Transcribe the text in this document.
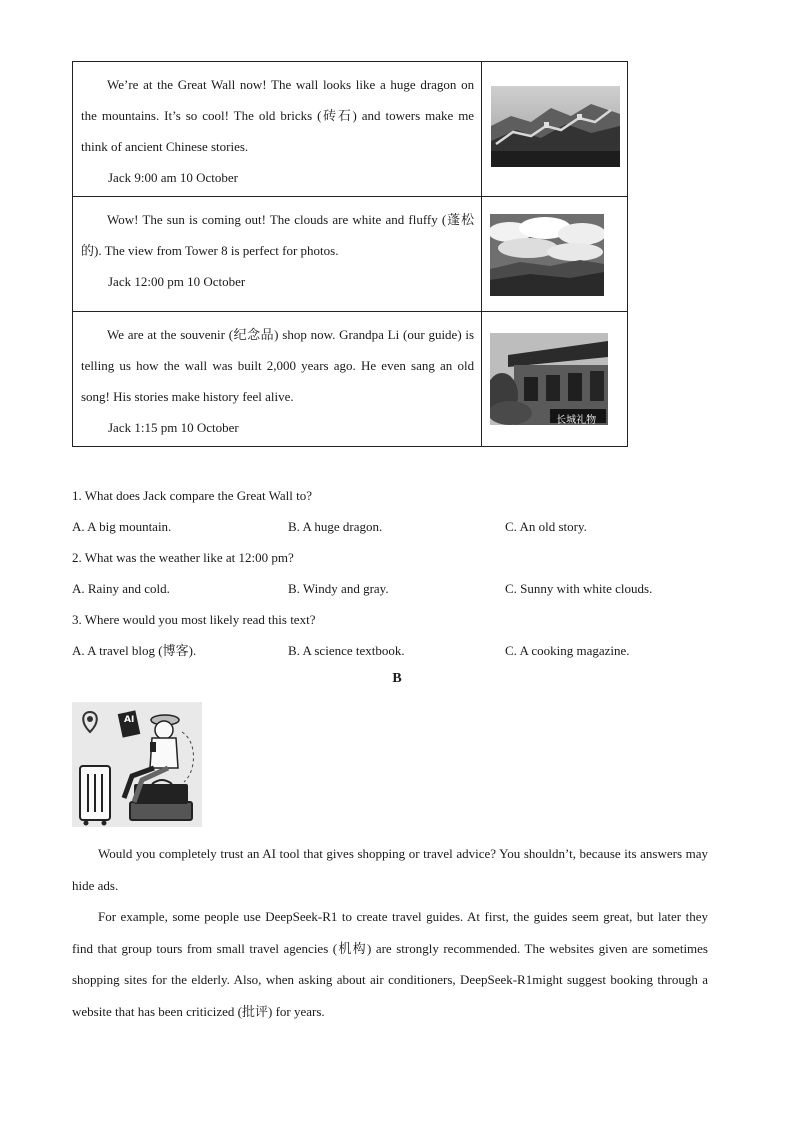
We’re at the Great Wall now! The wall looks like a huge dragon on the mountains. It’s so cool! The old bricks (砖石) and towers make me think of ancient Chinese stories.

Jack 9:00 am 10 October

Wow! The sun is coming out! The clouds are white and fluffy (蓬松的). The view from Tower 8 is perfect for photos.

Jack 12:00 pm 10 October

We are at the souvenir (纪念品) shop now. Grandpa Li (our guide) is telling us how the wall was built 2,000 years ago. He even sang an old song! His stories make history feel alive.

Jack 1:15 pm 10 October	长城礼物
1. What does Jack compare the Great Wall to?
A. A big mountain.	B. A huge dragon.	C. An old story.
2. What was the weather like at 12:00 pm?
A. Rainy and cold.	B. Windy and gray.	C. Sunny with white clouds.
3. Where would you most likely read this text?
A. A travel blog (博客).	B. A science textbook.	C. A cooking magazine.
B
AI

Would you completely trust an AI tool that gives shopping or travel advice? You shouldn’t, because its answers may hide ads.

For example, some people use DeepSeek-R1 to create travel guides. At first, the guides seem great, but later they find that group tours from small travel agencies (机构) are strongly recommended. The websites given are sometimes shopping sites for the elderly. Also, when asking about air conditioners, DeepSeek-R1might suggest booking through a website that has been criticized (批评) for years.
